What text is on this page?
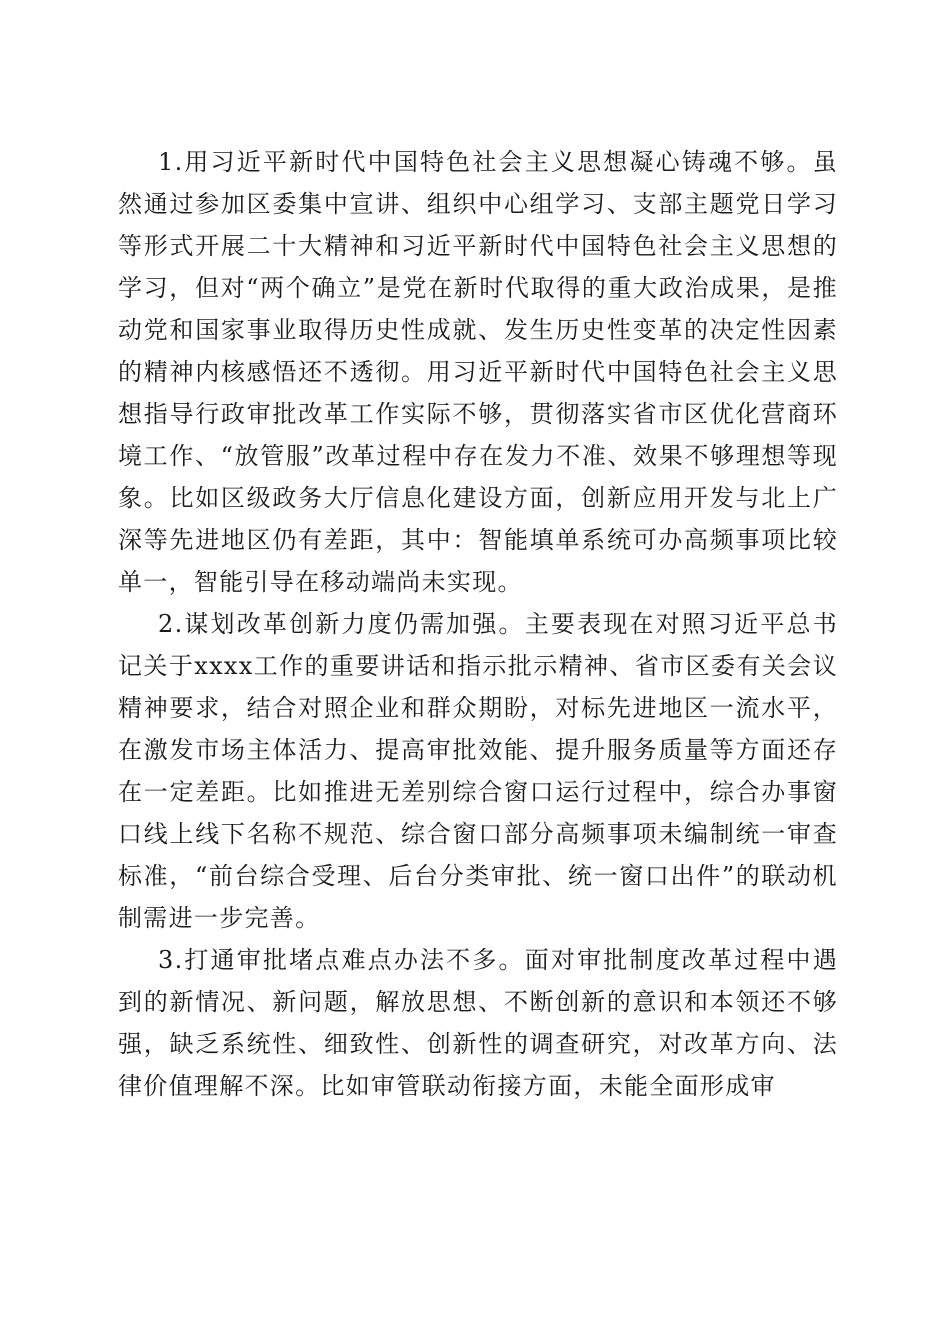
1.用习近平新时代中国特色社会主义思想凝心铸魂不够。虽然通过参加区委集中宣讲、组织中心组学习、支部主题党日学习等形式开展二十大精神和习近平新时代中国特色社会主义思想的学习，但对“两个确立”是党在新时代取得的重大政治成果，是推动党和国家事业取得历史性成就、发生历史性变革的决定性因素的精神内核感悟还不透彻。用习近平新时代中国特色社会主义思想指导行政审批改革工作实际不够，贯彻落实省市区优化营商环境工作、“放管服”改革过程中存在发力不准、效果不够理想等现象。比如区级政务大厅信息化建设方面，创新应用开发与北上广深等先进地区仍有差距，其中：智能填单系统可办高频事项比较单一，智能引导在移动端尚未实现。

2.谋划改革创新力度仍需加强。主要表现在对照习近平总书记关于xxxx工作的重要讲话和指示批示精神、省市区委有关会议精神要求，结合对照企业和群众期盼，对标先进地区一流水平，在激发市场主体活力、提高审批效能、提升服务质量等方面还存在一定差距。比如推进无差别综合窗口运行过程中，综合办事窗口线上线下名称不规范、综合窗口部分高频事项未编制统一审查标准，“前台综合受理、后台分类审批、统一窗口出件”的联动机制需进一步完善。

3.打通审批堵点难点办法不多。面对审批制度改革过程中遇到的新情况、新问题，解放思想、不断创新的意识和本领还不够强，缺乏系统性、细致性、创新性的调查研究，对改革方向、法律价值理解不深。比如审管联动衔接方面，未能全面形成审
